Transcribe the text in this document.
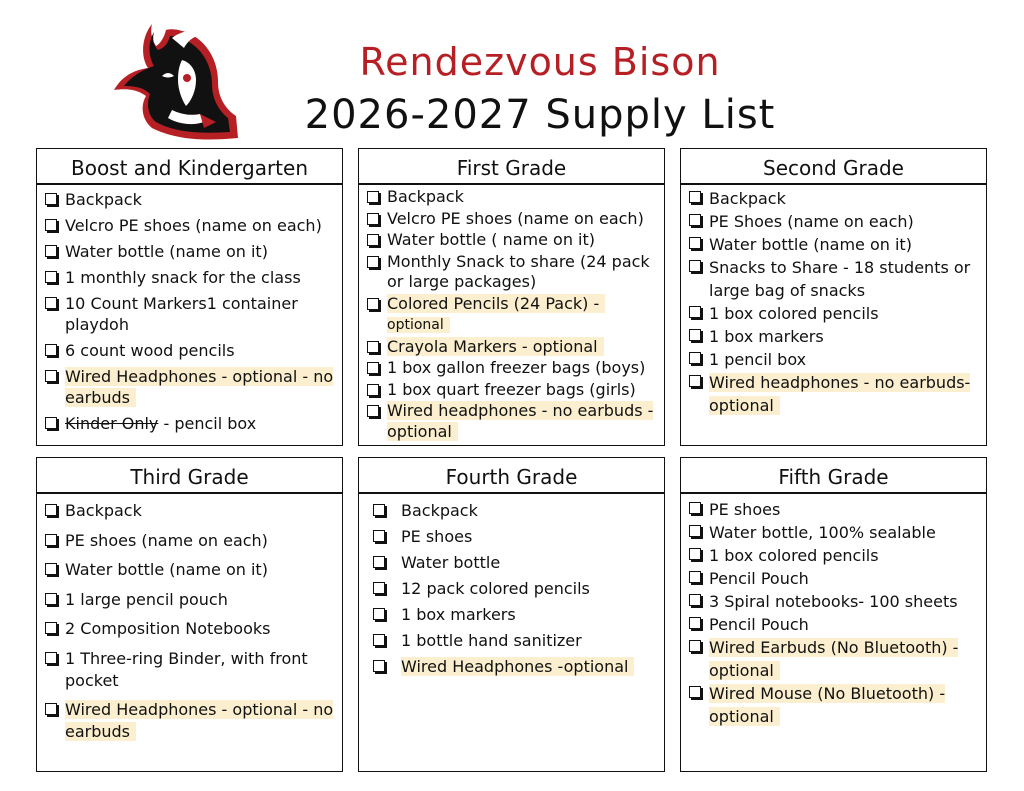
Rendezvous Bison
2026-2027 Supply List
Boost and Kindergarten
Backpack
Velcro PE shoes (name on each)
Water bottle (name on it)
1 monthly snack for the class
10 Count Markers1 container playdoh
6 count wood pencils
Wired Headphones - optional - no earbuds
Kinder Only - pencil box
First Grade
Backpack
Velcro PE shoes (name on each)
Water bottle ( name on it)
Monthly Snack to share (24 pack or large packages)
Colored Pencils (24 Pack) -
optional
Crayola Markers - optional
1 box gallon freezer bags (boys)
1 box quart freezer bags (girls)
Wired headphones - no earbuds - optional
Second Grade
Backpack
PE Shoes (name on each)
Water bottle (name on it)
Snacks to Share - 18 students or large bag of snacks
1 box colored pencils
1 box markers
1 pencil box
Wired headphones - no earbuds- optional
Third Grade
Backpack
PE shoes (name on each)
Water bottle (name on it)
1 large pencil pouch
2 Composition Notebooks
1 Three-ring Binder, with front pocket
Wired Headphones - optional - no earbuds
Fourth Grade
Backpack
PE shoes
Water bottle
12 pack colored pencils
1 box markers
1 bottle hand sanitizer
Wired Headphones -optional
Fifth Grade
PE shoes
Water bottle, 100% sealable
1 box colored pencils
Pencil Pouch
3 Spiral notebooks- 100 sheets
Pencil Pouch
Wired Earbuds (No Bluetooth) - optional
Wired Mouse (No Bluetooth) - optional
